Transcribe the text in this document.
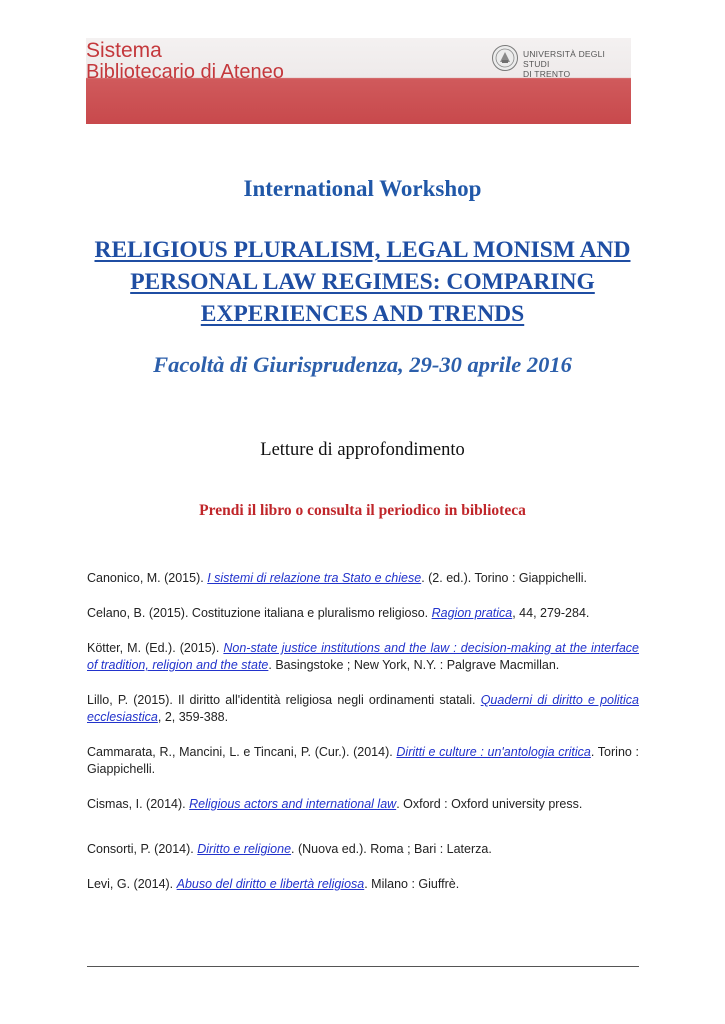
Sistema
Bibliotecario di Ateneo
UNIVERSITÀ DEGLI STUDI
DI TRENTO
International Workshop
RELIGIOUS PLURALISM, LEGAL MONISM AND
PERSONAL LAW REGIMES: COMPARING
EXPERIENCES AND TRENDS
Facoltà di Giurisprudenza, 29-30 aprile 2016
Letture di approfondimento
Prendi il libro o consulta il periodico in biblioteca

Canonico, M. (2015). I sistemi di relazione tra Stato e chiese. (2. ed.). Torino : Giappichelli.

Celano, B. (2015). Costituzione italiana e pluralismo religioso. Ragion pratica, 44, 279-284.

Kötter, M. (Ed.). (2015). Non-state justice institutions and the law : decision-making at the interface of tradition, religion and the state. Basingstoke ; New York, N.Y. : Palgrave Macmillan.

Lillo, P. (2015). Il diritto all'identità religiosa negli ordinamenti statali. Quaderni di diritto e politica ecclesiastica, 2, 359-388.

Cammarata, R., Mancini, L. e Tincani, P. (Cur.). (2014). Diritti e culture : un'antologia critica. Torino : Giappichelli.

Cismas, I. (2014). Religious actors and international law. Oxford : Oxford university press.

Consorti, P. (2014). Diritto e religione. (Nuova ed.). Roma ; Bari : Laterza.

Levi, G. (2014). Abuso del diritto e libertà religiosa. Milano : Giuffrè.
